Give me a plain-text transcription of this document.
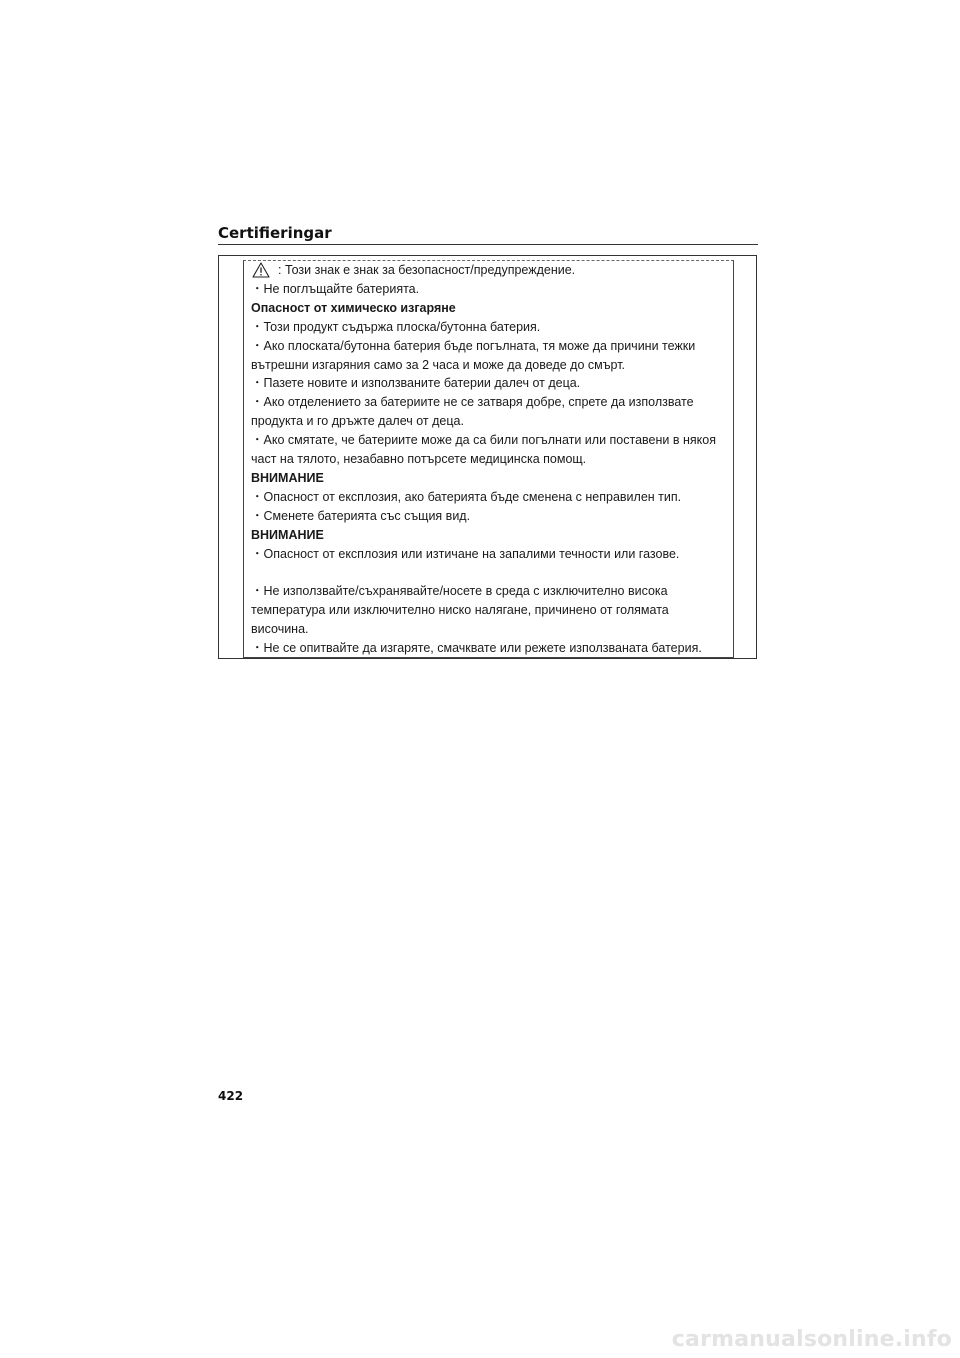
Certifieringar

: Този знак е знак за безопасност/предупреждение.

・Не поглъщайте батерията.

Опасност от химическо изгаряне

・Този продукт съдържа плоска/бутонна батерия.

・Ако плоската/бутонна батерия бъде погълната, тя може да причини тежки

вътрешни изгаряния само за 2 часа и може да доведе до смърт.

・Пазете новите и използваните батерии далеч от деца.

・Ако отделението за батериите не се затваря добре, спрете да използвате

продукта и го дръжте далеч от деца.

・Ако смятате, че батериите може да са били погълнати или поставени в някоя

част на тялото, незабавно потърсете медицинска помощ.

ВНИМАНИЕ

・Опасност от експлозия, ако батерията бъде сменена с неправилен тип.

・Сменете батерията със същия вид.

ВНИМАНИЕ

・Опасност от експлозия или изтичане на запалими течности или газове.

・Не използвайте/съхранявайте/носете в среда с изключително висока

температура или изключително ниско налягане, причинено от голямата

височина.

・Не се опитвайте да изгаряте, смачквате или режете използваната батерия.

422

carmanualsonline.info
